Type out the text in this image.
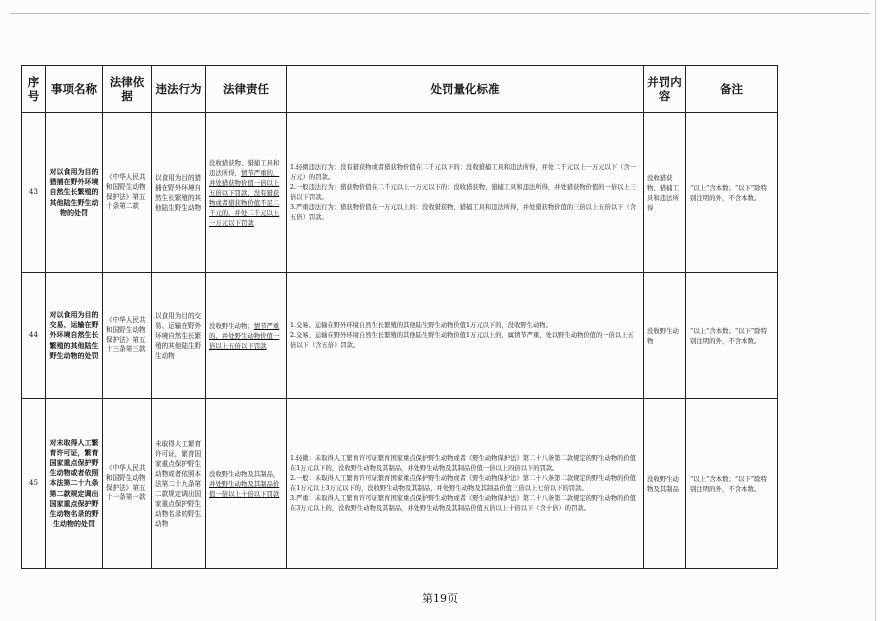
序号	事项名称	法律依据	违法行为	法律责任	处罚量化标准	并罚内容	备注
43	对以食用为目的猎捕在野外环境自然生长繁殖的其他陆生野生动物的处罚	《中华人民共和国野生动物保护法》第五十条第二款	以食用为目的猎捕在野外环境自然生长繁殖的其他陆生野生动物	没收猎获物、猎捕工具和违法所得，情节严重的，并处猎获物价值一倍以上五倍以下罚款，没有猎获物或者猎获物价值不足二千元的，并处二千元以上一万元以下罚款	1.轻微违法行为：没有猎获物或者猎获物价值在二千元以下的：没收猎捕工具和违法所得，并处二千元以上一万元以下（含一万元）的罚款。
2.一般违法行为：猎获物价值在二千元以上一万元以下的：没收猎获物、猎捕工具和违法所得，并处猎获物价值的一倍以上三倍以下罚款。
3.严重违法行为：猎获物价值在一万元以上的：没收猎获物、猎捕工具和违法所得，并处猎获物价值的三倍以上五倍以下（含五倍）罚款。	没收猎获物、猎捕工具和违法所得	“以上”含本数；“以下”除特别注明的外，不含本数。
44	对以食用为目的交易、运输在野外环境自然生长繁殖的其他陆生野生动物的处罚	《中华人民共和国野生动物保护法》第五十三条第三款	以食用为目的交易、运输在野外环境自然生长繁殖的其他陆生野生动物	没收野生动物；情节严重的，并处野生动物价值一倍以上五倍以下罚款	1.交易、运输在野外环境自然生长繁殖的其他陆生野生动物价值1万元以下的，没收野生动物。
2.交易、运输在野外环境自然生长繁殖的其他陆生野生动物价值1万元以上的，属情节严重，处以野生动物价值的一倍以上五倍以下（含五倍）罚款。	没收野生动物	“以上”含本数；“以下”除特别注明的外，不含本数。
45	对未取得人工繁育许可证，繁育国家重点保护野生动物或者依照本法第二十九条第二款规定调出国家重点保护野生动物名录的野生动物的处罚	《中华人民共和国野生动物保护法》第五十一条第一款	未取得人工繁育许可证，繁育国家重点保护野生动物或者依照本法第二十九条第二款规定调出国家重点保护野生动物名录的野生动物	没收野生动物及其制品，并处野生动物及其制品价值一倍以上十倍以下罚款	1.轻微：未取得人工繁育许可证繁育国家重点保护野生动物或者《野生动物保护法》第二十八条第二款规定的野生动物的价值在1万元以下的，没收野生动物及其制品，并处野生动物及其制品价值一倍以上四倍以下的罚款。
2.一般：未取得人工繁育许可证繁育国家重点保护野生动物或者《野生动物保护法》第二十八条第二款规定的野生动物的价值在1万元以上3万元以下的，没收野生动物及其制品，并处野生动物及其制品价值三倍以上七倍以下的罚款。
3.严重：未取得人工繁育许可证繁育国家重点保护野生动物或者《野生动物保护法》第二十八条第二款规定的野生动物的价值在3万元以上的，没收野生动物及其制品，并处野生动物及其制品价值五倍以上十倍以下（含十倍）的罚款。	没收野生动物及其制品	“以上”含本数；“以下”除特别注明的外，不含本数。
第19页
